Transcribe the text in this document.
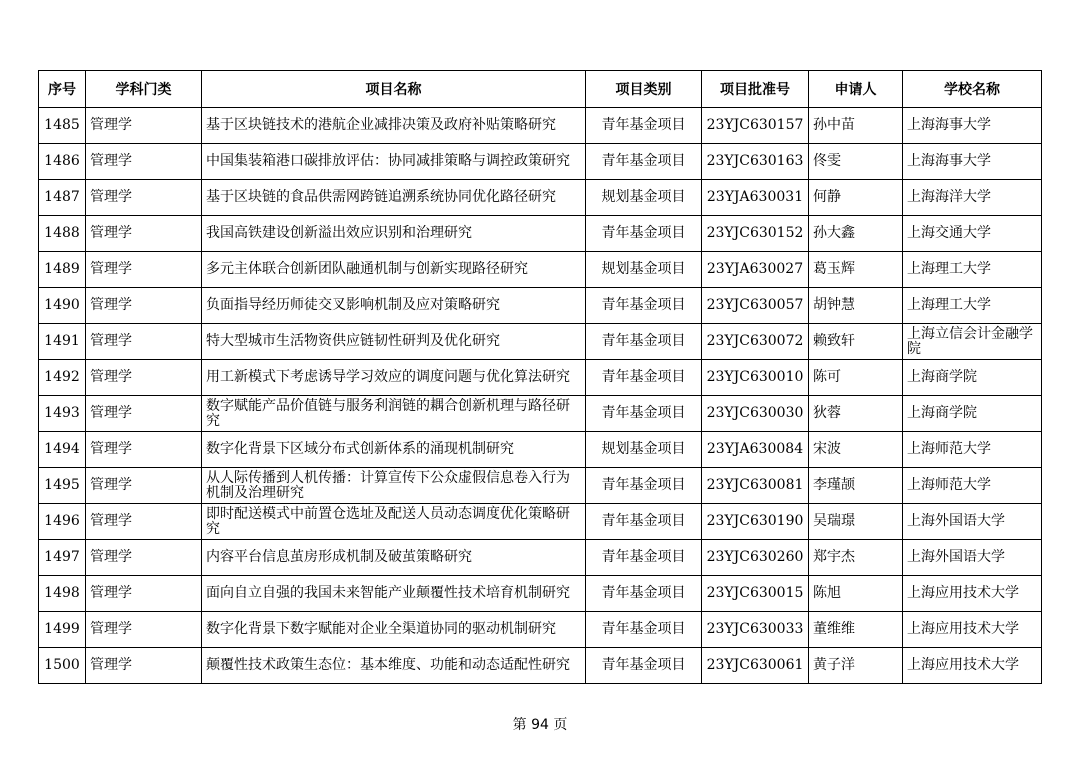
序号	学科门类	项目名称	项目类别	项目批准号	申请人	学校名称
1485	管理学	基于区块链技术的港航企业减排决策及政府补贴策略研究	青年基金项目	23YJC630157	孙中苗	上海海事大学
1486	管理学	中国集装箱港口碳排放评估：协同减排策略与调控政策研究	青年基金项目	23YJC630163	佟雯	上海海事大学
1487	管理学	基于区块链的食品供需网跨链追溯系统协同优化路径研究	规划基金项目	23YJA630031	何静	上海海洋大学
1488	管理学	我国高铁建设创新溢出效应识别和治理研究	青年基金项目	23YJC630152	孙大鑫	上海交通大学
1489	管理学	多元主体联合创新团队融通机制与创新实现路径研究	规划基金项目	23YJA630027	葛玉辉	上海理工大学
1490	管理学	负面指导经历师徒交叉影响机制及应对策略研究	青年基金项目	23YJC630057	胡钟慧	上海理工大学
1491	管理学	特大型城市生活物资供应链韧性研判及优化研究	青年基金项目	23YJC630072	赖致轩	上海立信会计金融学院
1492	管理学	用工新模式下考虑诱导学习效应的调度问题与优化算法研究	青年基金项目	23YJC630010	陈可	上海商学院
1493	管理学	数字赋能产品价值链与服务利润链的耦合创新机理与路径研究	青年基金项目	23YJC630030	狄蓉	上海商学院
1494	管理学	数字化背景下区域分布式创新体系的涌现机制研究	规划基金项目	23YJA630084	宋波	上海师范大学
1495	管理学	从人际传播到人机传播：计算宣传下公众虚假信息卷入行为机制及治理研究	青年基金项目	23YJC630081	李瑾颉	上海师范大学
1496	管理学	即时配送模式中前置仓选址及配送人员动态调度优化策略研究	青年基金项目	23YJC630190	吴瑞璟	上海外国语大学
1497	管理学	内容平台信息茧房形成机制及破茧策略研究	青年基金项目	23YJC630260	郑宇杰	上海外国语大学
1498	管理学	面向自立自强的我国未来智能产业颠覆性技术培育机制研究	青年基金项目	23YJC630015	陈旭	上海应用技术大学
1499	管理学	数字化背景下数字赋能对企业全渠道协同的驱动机制研究	青年基金项目	23YJC630033	董维维	上海应用技术大学
1500	管理学	颠覆性技术政策生态位：基本维度、功能和动态适配性研究	青年基金项目	23YJC630061	黄子洋	上海应用技术大学
第 94 页
